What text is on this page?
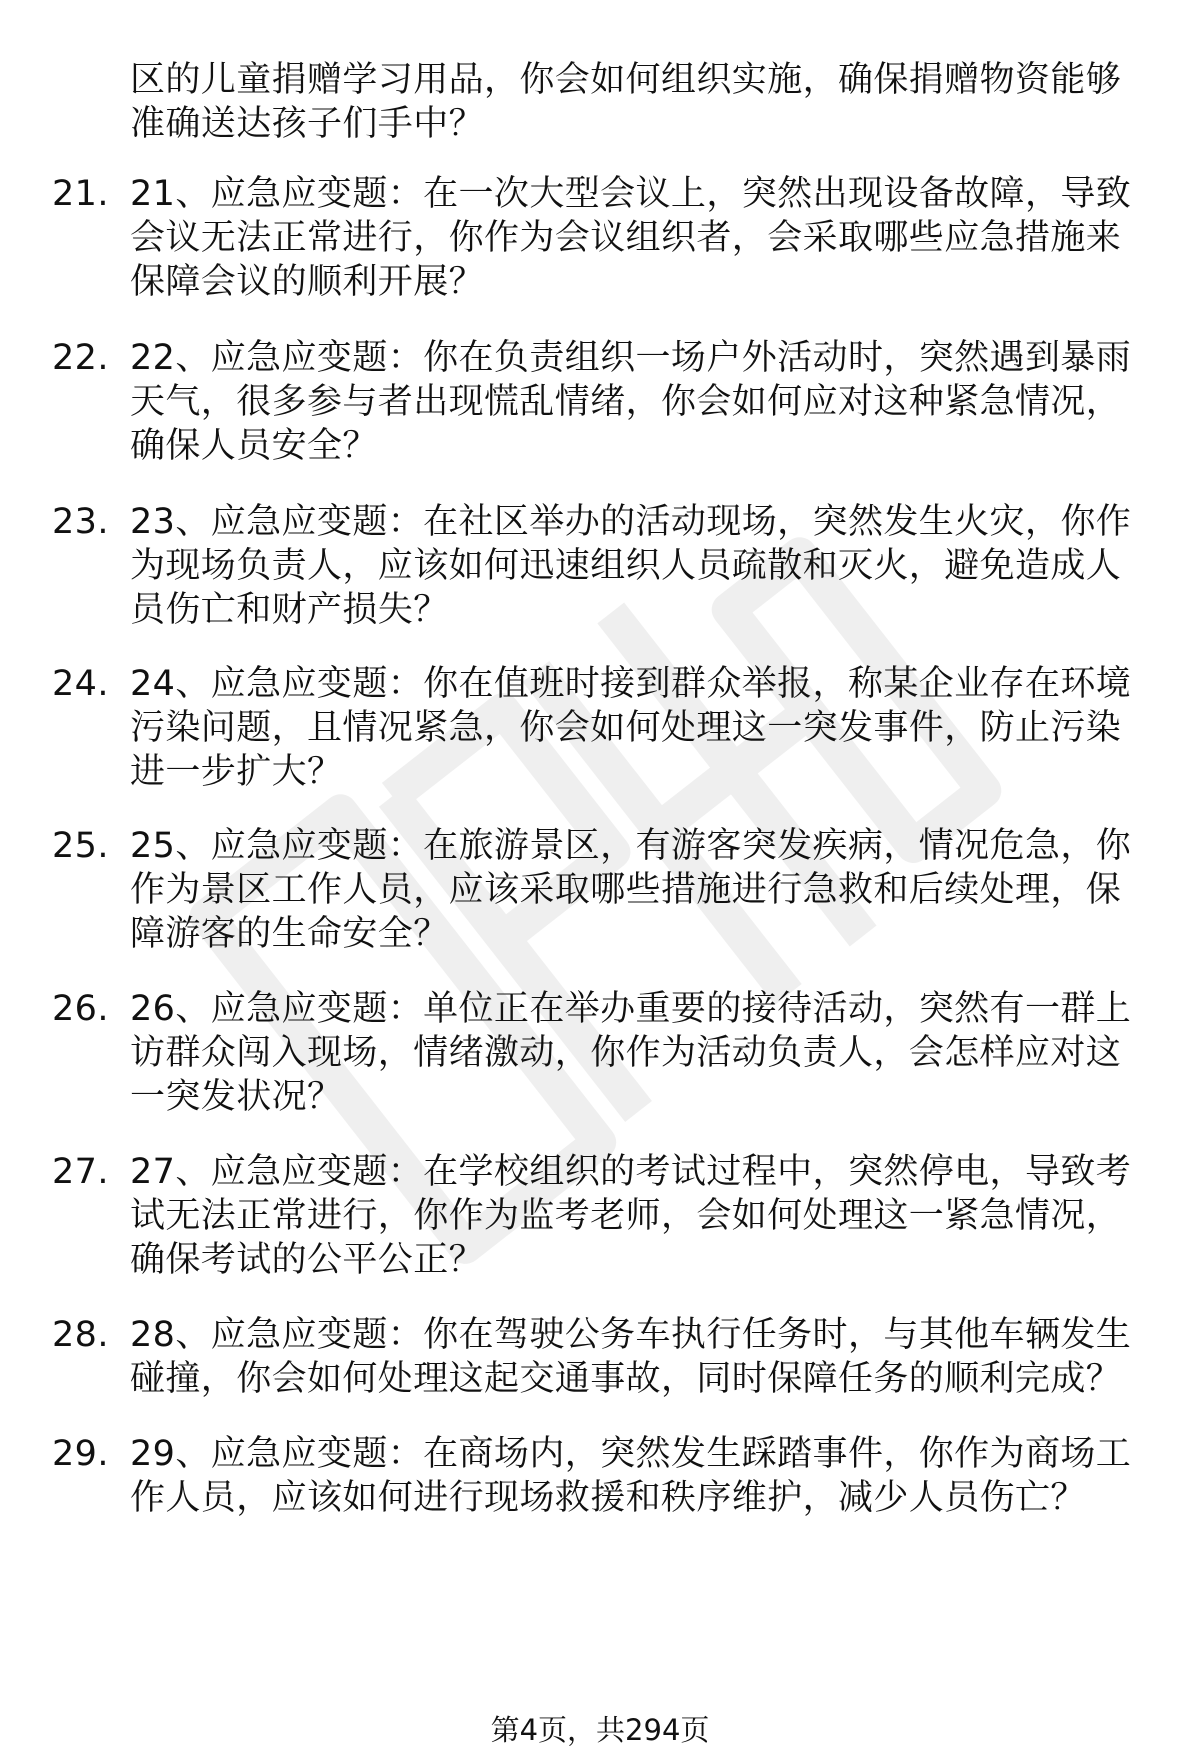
区的儿童捐赠学习用品，你会如何组织实施，确保捐赠物资能够
准确送达孩子们手中？
21. 21、应急应变题：在一次大型会议上，突然出现设备故障，导致
会议无法正常进行，你作为会议组织者，会采取哪些应急措施来
保障会议的顺利开展？
22. 22、应急应变题：你在负责组织一场户外活动时，突然遇到暴雨
天气，很多参与者出现慌乱情绪，你会如何应对这种紧急情况，
确保人员安全？
23. 23、应急应变题：在社区举办的活动现场，突然发生火灾，你作
为现场负责人，应该如何迅速组织人员疏散和灭火，避免造成人
员伤亡和财产损失？
24. 24、应急应变题：你在值班时接到群众举报，称某企业存在环境
污染问题，且情况紧急，你会如何处理这一突发事件，防止污染
进一步扩大？
25. 25、应急应变题：在旅游景区，有游客突发疾病，情况危急，你
作为景区工作人员，应该采取哪些措施进行急救和后续处理，保
障游客的生命安全？
26. 26、应急应变题：单位正在举办重要的接待活动，突然有一群上
访群众闯入现场，情绪激动，你作为活动负责人，会怎样应对这
一突发状况？
27. 27、应急应变题：在学校组织的考试过程中，突然停电，导致考
试无法正常进行，你作为监考老师，会如何处理这一紧急情况，
确保考试的公平公正？
28. 28、应急应变题：你在驾驶公务车执行任务时，与其他车辆发生
碰撞，你会如何处理这起交通事故，同时保障任务的顺利完成？
29. 29、应急应变题：在商场内，突然发生踩踏事件，你作为商场工
作人员，应该如何进行现场救援和秩序维护，减少人员伤亡？
第4页，共294页
